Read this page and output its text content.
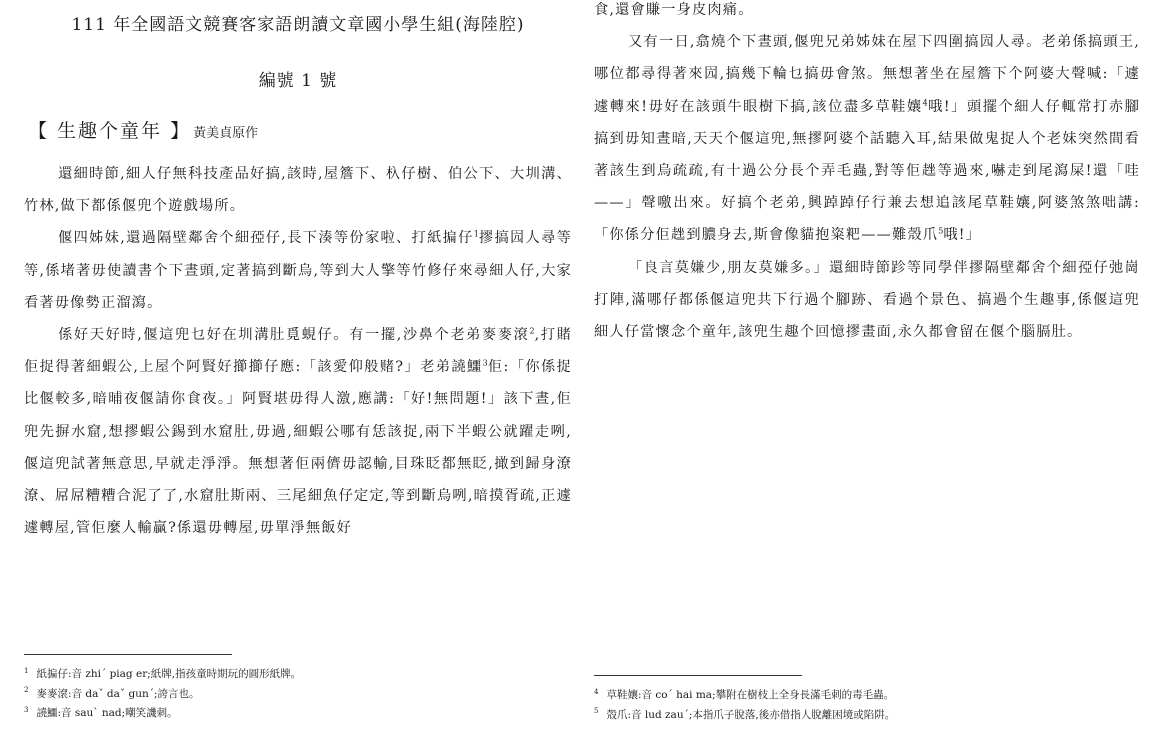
111 年全國語文競賽客家語朗讀文章國小學生組(海陸腔)
編號 1 號
【 生趣个童年 】 黃美貞原作

還細時節,細人仔無科技產品好搞,該時,屋簷下、杁仔樹、伯公下、大圳溝、竹林,做下都係偃兜个遊戲場所。

偃四姊妹,還過隔壁鄰舍个細孲仔,長下湊等份家啦、打紙揙仔$^1$摎搞囥人尋等等,係堵著毋使讀書个下晝頭,定著搞到斷烏,等到大人擎等竹修仔來尋細人仔,大家看著毋像勢正溜瀉。

係好天好時,偃這兜乜好在圳溝肚覓蜆仔。有一擺,沙鼻个老弟麥麥滾$^2$,打賭佢捉得著細蝦公,上屋个阿賢好擳擳仔應:「該愛仰般赌?」老弟譊鱷$^3$佢:「你係捉比偃較多,暗晡夜偃請你食夜。」阿賢堪毋得人激,應講:「好!無問題!」該下晝,佢兜先摒水窟,想摎蝦公錫到水窟肚,毋過,細蝦公哪有恁該捉,兩下半蝦公就躍走咧,偃這兜試著無意思,早就走淨淨。無想著佢兩儕毋認輸,目珠眨都無眨,撖到歸身潦潦、屌屌糟糟合泥了了,水窟肚斯兩、三尾細魚仔定定,等到斷烏咧,暗摸胥疏,正遽遽轉屋,管佢麼人輸贏?係還毋轉屋,毋單淨無飯好

$^1$ 紙揙仔:音 zhiˊ piag er;紙牌,指孩童時期玩的圓形紙牌。
$^2$ 麥麥滾:音 daˇ daˇ gunˊ;誇言也。
$^3$ 譊鱷:音 sau` nad;嘲笑譏刺。

食,還會賺一身皮肉痛。

又有一日,翕燒个下晝頭,偃兜兄弟姊妹在屋下四圍搞囥人尋。老弟係搞頭王,哪位都尋得著來囥,搞幾下輪乜搞毋會煞。無想著坐在屋簷下个阿婆大聲喊:「遽遽轉來!毋好在該頭牛眼樹下搞,該位盡多草鞋孃$^4$哦!」頭擺个細人仔輒常打赤腳搞到毋知晝暗,天天个偃這兜,無摎阿婆个話聽入耳,結果做鬼捉人个老妹突然間看著該生到烏疏疏,有十過公分長个弄毛蟲,對等佢趖等過來,嚇走到尾瀉屎!還「哇——」聲噭出來。好搞个老弟,興踔踔仔行兼去想追該尾草鞋孃,阿婆煞煞咄講:「你係分佢趖到膿身去,斯會像貓抱粢粑——難殼爪$^5$哦!」

「良言莫嫌少,朋友莫嫌多。」還細時節跈等同學伴摎隔壁鄰舍个細孲仔弛崗打陣,滿哪仔都係偃這兜共下行過个腳跡、看過个景色、搞過个生趣事,係偃這兜細人仔當懷念个童年,該兜生趣个回憶摎畫面,永久都會留在偃个腦膈肚。

$^4$ 草鞋孃:音 coˊ hai ma;攀附在樹枝上全身長滿毛刺的毒毛蟲。
$^5$ 殼爪:音 lud zauˊ;本指爪子脫落,後亦借指人脫離困境或陷阱。
